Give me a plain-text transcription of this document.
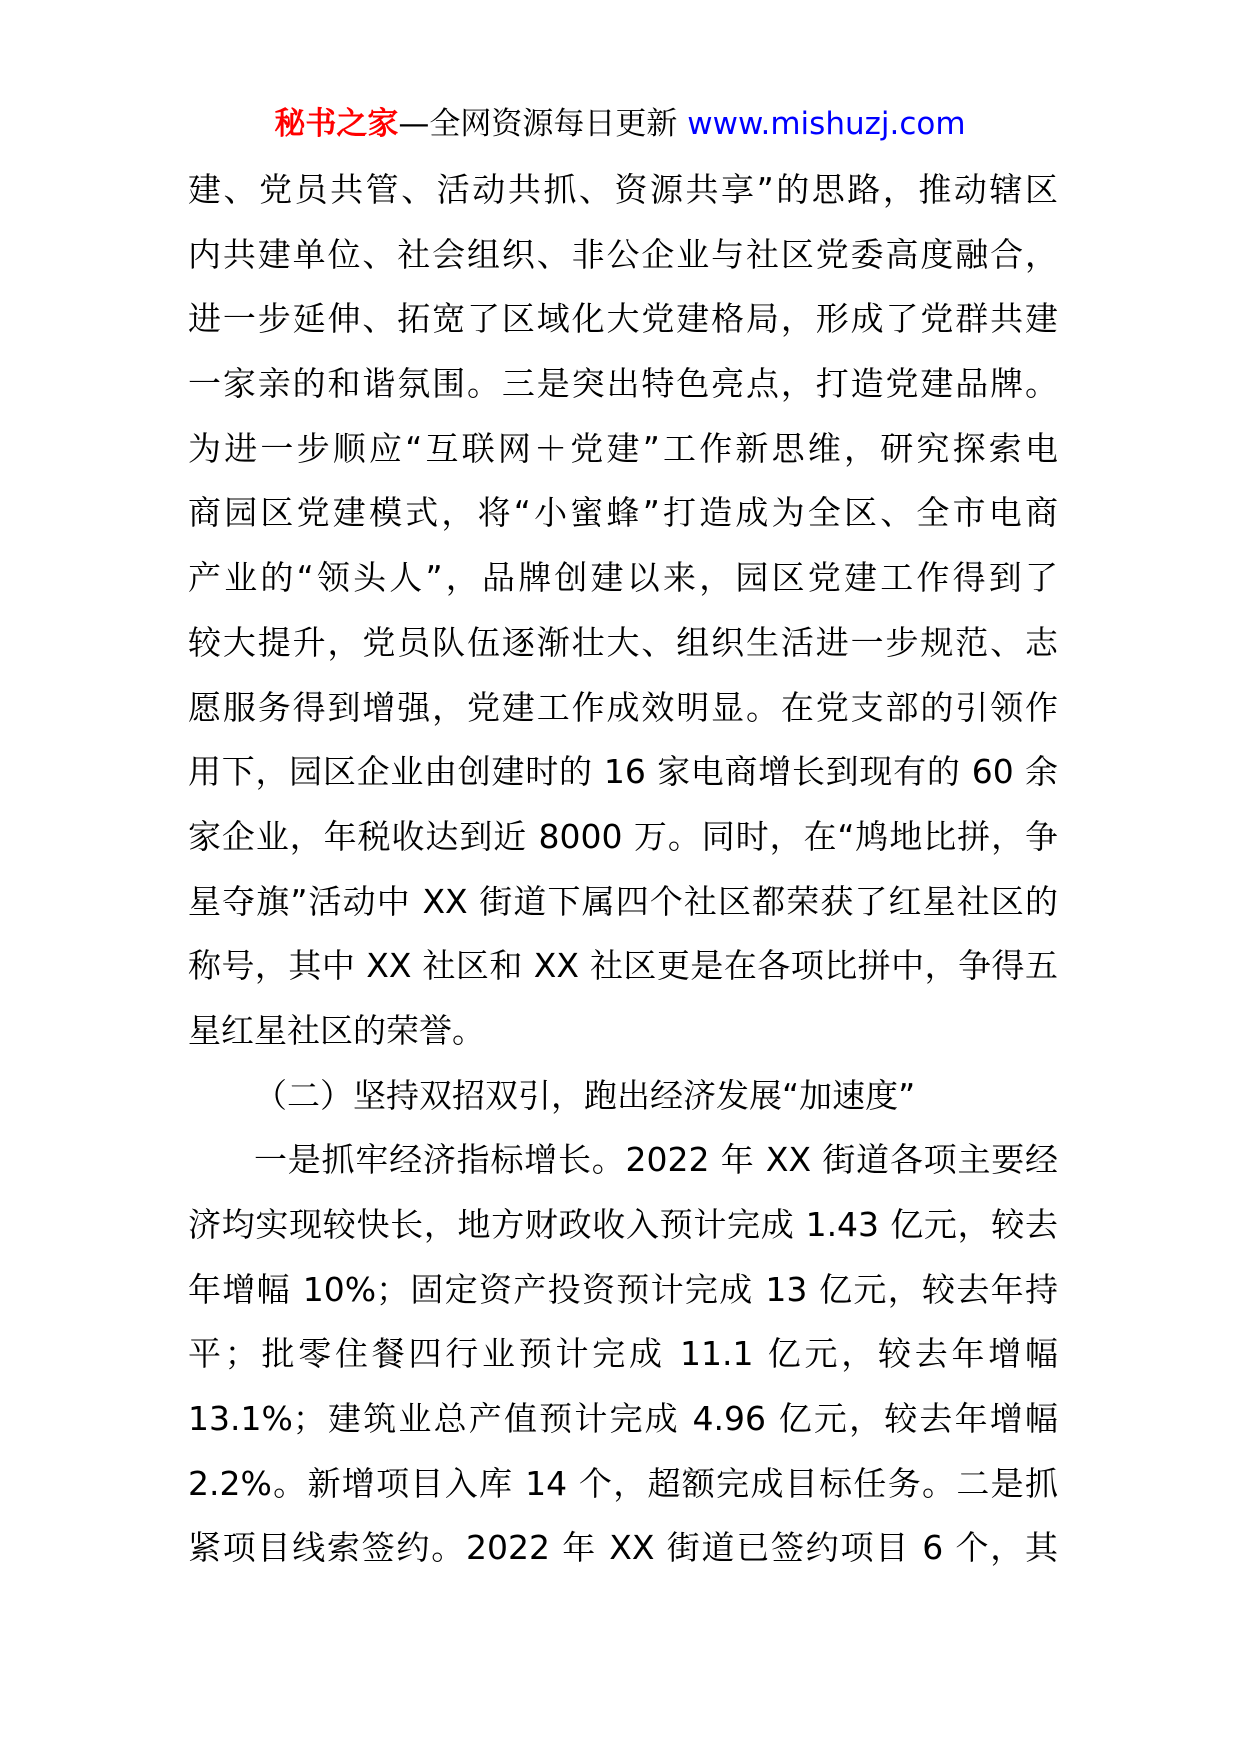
秘书之家—全网资源每日更新 www.mishuzj.com
建、党员共管、活动共抓、资源共享”的思路，推动辖区
内共建单位、社会组织、非公企业与社区党委高度融合，
进一步延伸、拓宽了区域化大党建格局，形成了党群共建
一家亲的和谐氛围。三是突出特色亮点，打造党建品牌。
为进一步顺应“互联网＋党建”工作新思维，研究探索电
商园区党建模式，将“小蜜蜂”打造成为全区、全市电商
产业的“领头人”，品牌创建以来，园区党建工作得到了
较大提升，党员队伍逐渐壮大、组织生活进一步规范、志
愿服务得到增强，党建工作成效明显。在党支部的引领作
用下，园区企业由创建时的 16 家电商增长到现有的 60 余
家企业，年税收达到近 8000 万。同时，在“鸠地比拼，争
星夺旗”活动中 XX 街道下属四个社区都荣获了红星社区的
称号，其中 XX 社区和 XX 社区更是在各项比拼中，争得五
星红星社区的荣誉。
（二）坚持双招双引，跑出经济发展“加速度”
一是抓牢经济指标增长。2022 年 XX 街道各项主要经
济均实现较快长，地方财政收入预计完成 1.43 亿元，较去
年增幅 10%；固定资产投资预计完成 13 亿元，较去年持
平；批零住餐四行业预计完成 11.1 亿元，较去年增幅
13.1%；建筑业总产值预计完成 4.96 亿元，较去年增幅
2.2%。新增项目入库 14 个，超额完成目标任务。二是抓
紧项目线索签约。2022 年 XX 街道已签约项目 6 个，其
